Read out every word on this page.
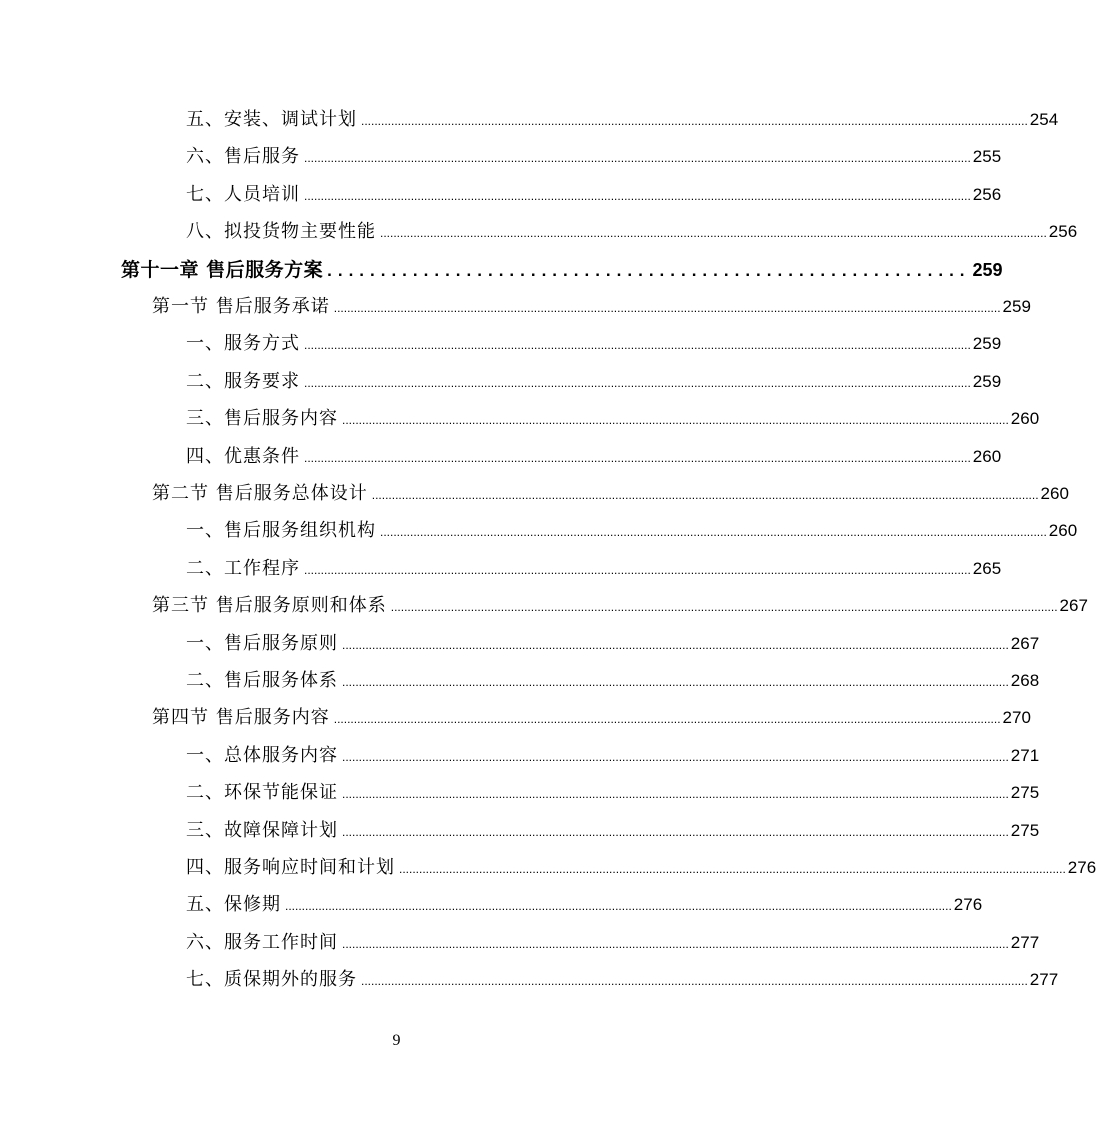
五、安装、调试计划 ........................................................................................................................................................................................................ 254
六、售后服务 ........................................................................................................................................................................................................ 255
七、人员培训 ........................................................................................................................................................................................................ 256
八、拟投货物主要性能 ........................................................................................................................................................................................................ 256
第十一章 售后服务方案 ............................................................ 259
第一节 售后服务承诺 ........................................................................................................................................................................................................ 259
一、服务方式 ........................................................................................................................................................................................................ 259
二、服务要求 ........................................................................................................................................................................................................ 259
三、售后服务内容 ........................................................................................................................................................................................................ 260
四、优惠条件 ........................................................................................................................................................................................................ 260
第二节 售后服务总体设计 ........................................................................................................................................................................................................ 260
一、售后服务组织机构 ........................................................................................................................................................................................................ 260
二、工作程序 ........................................................................................................................................................................................................ 265
第三节 售后服务原则和体系 ........................................................................................................................................................................................................ 267
一、售后服务原则 ........................................................................................................................................................................................................ 267
二、售后服务体系 ........................................................................................................................................................................................................ 268
第四节 售后服务内容 ........................................................................................................................................................................................................ 270
一、总体服务内容 ........................................................................................................................................................................................................ 271
二、环保节能保证 ........................................................................................................................................................................................................ 275
三、故障保障计划 ........................................................................................................................................................................................................ 275
四、服务响应时间和计划 ........................................................................................................................................................................................................ 276
五、保修期 ........................................................................................................................................................................................................ 276
六、服务工作时间 ........................................................................................................................................................................................................ 277
七、质保期外的服务 ........................................................................................................................................................................................................ 277
9
